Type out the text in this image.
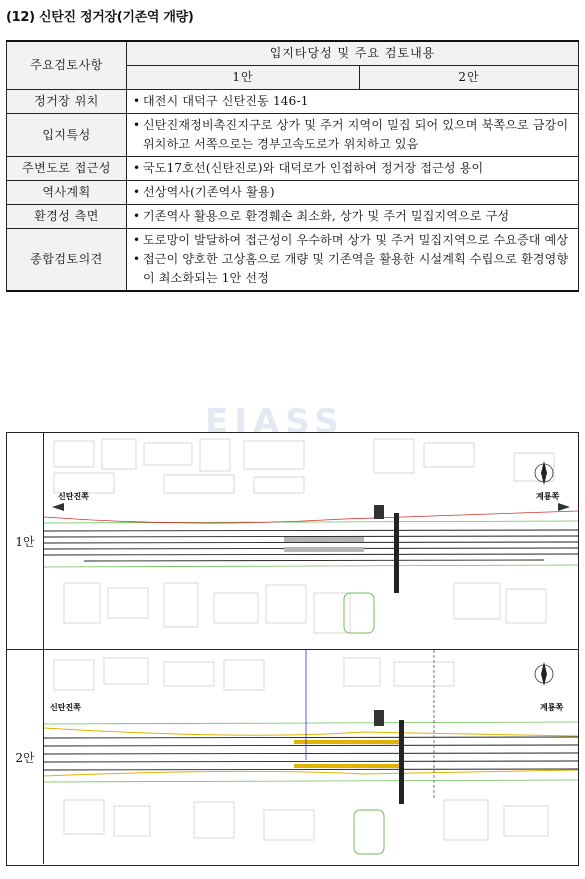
(12) 신탄진 정거장(기존역 개량)
EIASS
주요검토사항	입지타당성 및 주요 검토내용	
	1안	2안
정거장 위치	• 대전시 대덕구 신탄진동 146-1	

입지특성	• 신탄진재정비촉진지구로 상가 및 주거 지역이 밀집 되어 있으며 북쪽으로 금강이 위치하고 서쪽으로는 경부고속도로가 위치하고 있음	

주변도로 접근성	• 국도17호선(신탄진로)와 대덕로가 인접하여 정거장 접근성 용이	

역사계획	• 선상역사(기존역사 활용)	

환경성 측면	• 기존역사 활용으로 환경훼손 최소화, 상가 및 주거 밀집지역으로 구성	

종합검토의견	• 도로망이 발달하여 접근성이 우수하며 상가 및 주거 밀집지역으로 수요증대 예상
• 접근이 양호한 고상홈으로 개량 및 기존역을 활용한 시설계획 수립으로 환경영향이 최소화되는 1안 선정	
1안
신탄진쪽	계룡쪽
2안
신탄진쪽	계룡쪽
